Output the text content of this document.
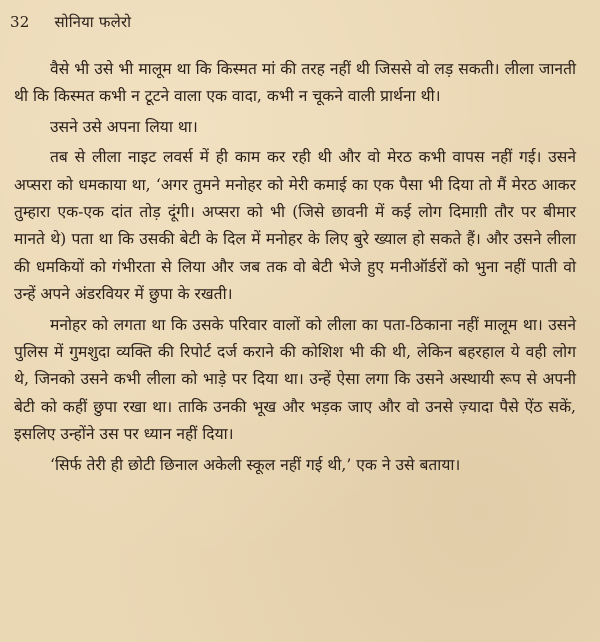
32 सोनिया फलेरो

वैसे भी उसे भी मालूम था कि किस्मत मां की तरह नहीं थी जिससे वो लड़ सकती। लीला जानती थी कि किस्मत कभी न टूटने वाला एक वादा, कभी न चूकने वाली प्रार्थना थी।

उसने उसे अपना लिया था।

तब से लीला नाइट लवर्स में ही काम कर रही थी और वो मेरठ कभी वापस नहीं गई। उसने अप्सरा को धमकाया था, ‘अगर तुमने मनोहर को मेरी कमाई का एक पैसा भी दिया तो मैं मेरठ आकर तुम्हारा एक-एक दांत तोड़ दूंगी। अप्सरा को भी (जिसे छावनी में कई लोग दिमाग़ी तौर पर बीमार मानते थे) पता था कि उसकी बेटी के दिल में मनोहर के लिए बुरे ख्याल हो सकते हैं। और उसने लीला की धमकियों को गंभीरता से लिया और जब तक वो बेटी भेजे हुए मनीऑर्डरों को भुना नहीं पाती वो उन्हें अपने अंडरवियर में छुपा के रखती।

मनोहर को लगता था कि उसके परिवार वालों को लीला का पता-ठिकाना नहीं मालूम था। उसने पुलिस में गुमशुदा व्यक्ति की रिपोर्ट दर्ज कराने की कोशिश भी की थी, लेकिन बहरहाल ये वही लोग थे, जिनको उसने कभी लीला को भाड़े पर दिया था। उन्हें ऐसा लगा कि उसने अस्थायी रूप से अपनी बेटी को कहीं छुपा रखा था। ताकि उनकी भूख और भड़क जाए और वो उनसे ज़्यादा पैसे ऐंठ सकें, इसलिए उन्होंने उस पर ध्यान नहीं दिया।

‘सिर्फ तेरी ही छोटी छिनाल अकेली स्कूल नहीं गई थी,’ एक ने उसे बताया।
